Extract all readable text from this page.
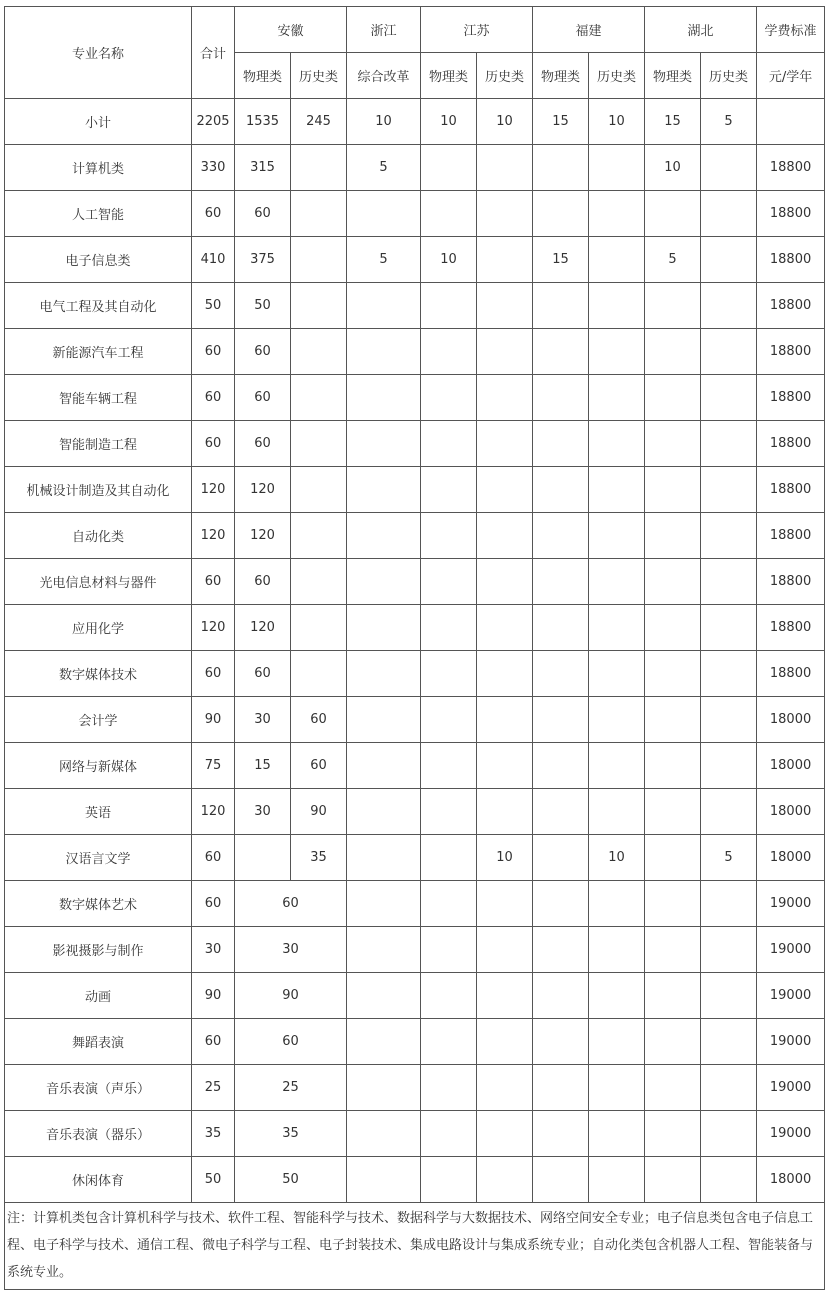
专业名称	合计	安徽		浙江	江苏		福建		湖北		学费标准
		物理类	历史类	综合改革	物理类	历史类	物理类	历史类	物理类	历史类	元/学年
小计	2205	1535	245	10	10	10	15	10	15	5	
计算机类	330	315		5					10		18800
人工智能	60	60									18800
电子信息类	410	375		5	10		15		5		18800
电气工程及其自动化	50	50									18800
新能源汽车工程	60	60									18800
智能车辆工程	60	60									18800
智能制造工程	60	60									18800
机械设计制造及其自动化	120	120									18800
自动化类	120	120									18800
光电信息材料与器件	60	60									18800
应用化学	120	120									18800
数字媒体技术	60	60									18800
会计学	90	30	60								18000
网络与新媒体	75	15	60								18000
英语	120	30	90								18000
汉语言文学	60		35			10		10		5	18000
数字媒体艺术	60	60									19000
影视摄影与制作	30	30									19000
动画	90	90									19000
舞蹈表演	60	60									19000
音乐表演（声乐）	25	25									19000
音乐表演（器乐）	35	35									19000
休闲体育	50	50									18000
注：计算机类包含计算机科学与技术、软件工程、智能科学与技术、数据科学与大数据技术、网络空间安全专业；电子信息类包含电子信息工程、电子科学与技术、通信工程、微电子科学与工程、电子封装技术、集成电路设计与集成系统专业；自动化类包含机器人工程、智能装备与系统专业。											
